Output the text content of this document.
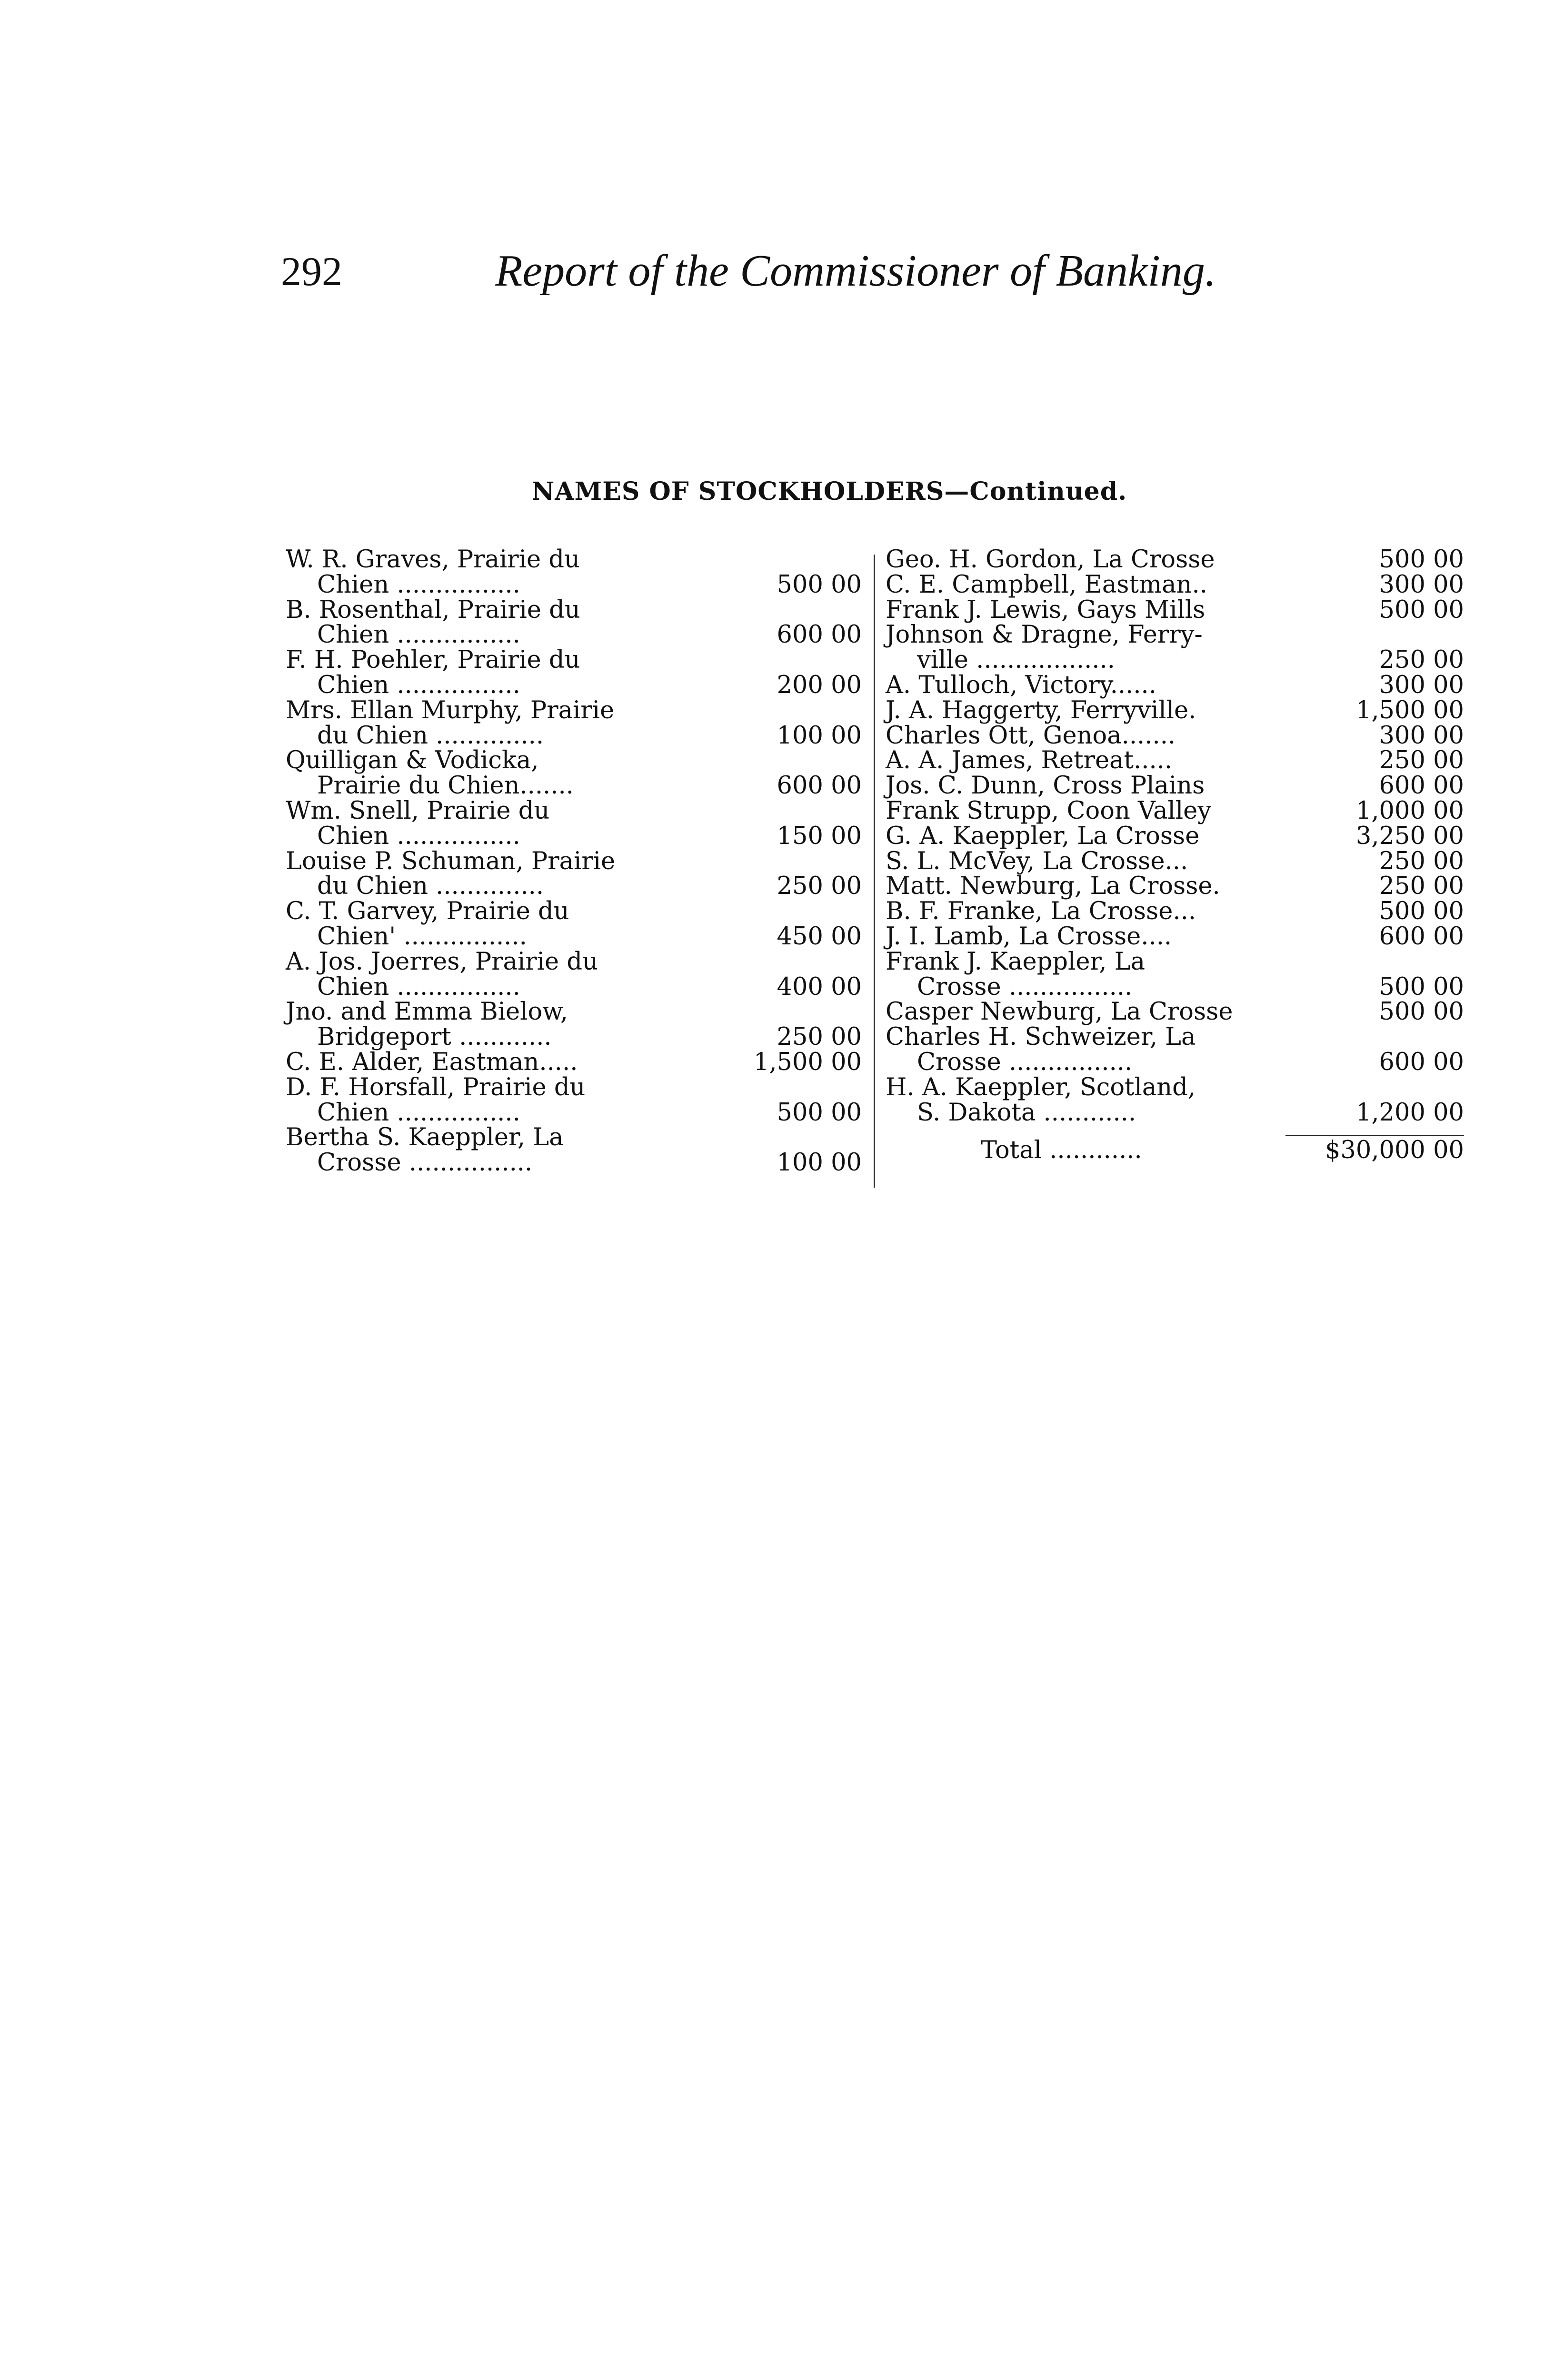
292	Report of the Commissioner of Banking.
NAMES OF STOCKHOLDERS—Continued.
W. R. Graves, Prairie du
Chien ................	500 00
B. Rosenthal, Prairie du
Chien ................	600 00
F. H. Poehler, Prairie du
Chien ................	200 00
Mrs. Ellan Murphy, Prairie
du Chien ..............	100 00
Quilligan & Vodicka,
Prairie du Chien.......	600 00
Wm. Snell, Prairie du
Chien ................	150 00
Louise P. Schuman, Prairie
du Chien ..............	250 00
C. T. Garvey, Prairie du
Chien' ................	450 00
A. Jos. Joerres, Prairie du
Chien ................	400 00
Jno. and Emma Bielow,
Bridgeport ............	250 00
C. E. Alder, Eastman.....	1,500 00
D. F. Horsfall, Prairie du
Chien ................	500 00
Bertha S. Kaeppler, La
Crosse ................	100 00
Geo. H. Gordon, La Crosse	500 00
C. E. Campbell, Eastman..	300 00
Frank J. Lewis, Gays Mills	500 00
Johnson & Dragne, Ferry-
ville ..................	250 00
A. Tulloch, Victory......	300 00
J. A. Haggerty, Ferryville.	1,500 00
Charles Ott, Genoa.......	300 00
A. A. James, Retreat.....	250 00
Jos. C. Dunn, Cross Plains	600 00
Frank Strupp, Coon Valley	1,000 00
G. A. Kaeppler, La Crosse	3,250 00
S. L. McVey, La Crosse...	250 00
Matt. Newburg, La Crosse.	250 00
B. F. Franke, La Crosse...	500 00
J. I. Lamb, La Crosse....	600 00
Frank J. Kaeppler, La
Crosse ................	500 00
Casper Newburg, La Crosse	500 00
Charles H. Schweizer, La
Crosse ................	600 00
H. A. Kaeppler, Scotland,
S. Dakota ............	1,200 00
Total ............	$30,000 00
